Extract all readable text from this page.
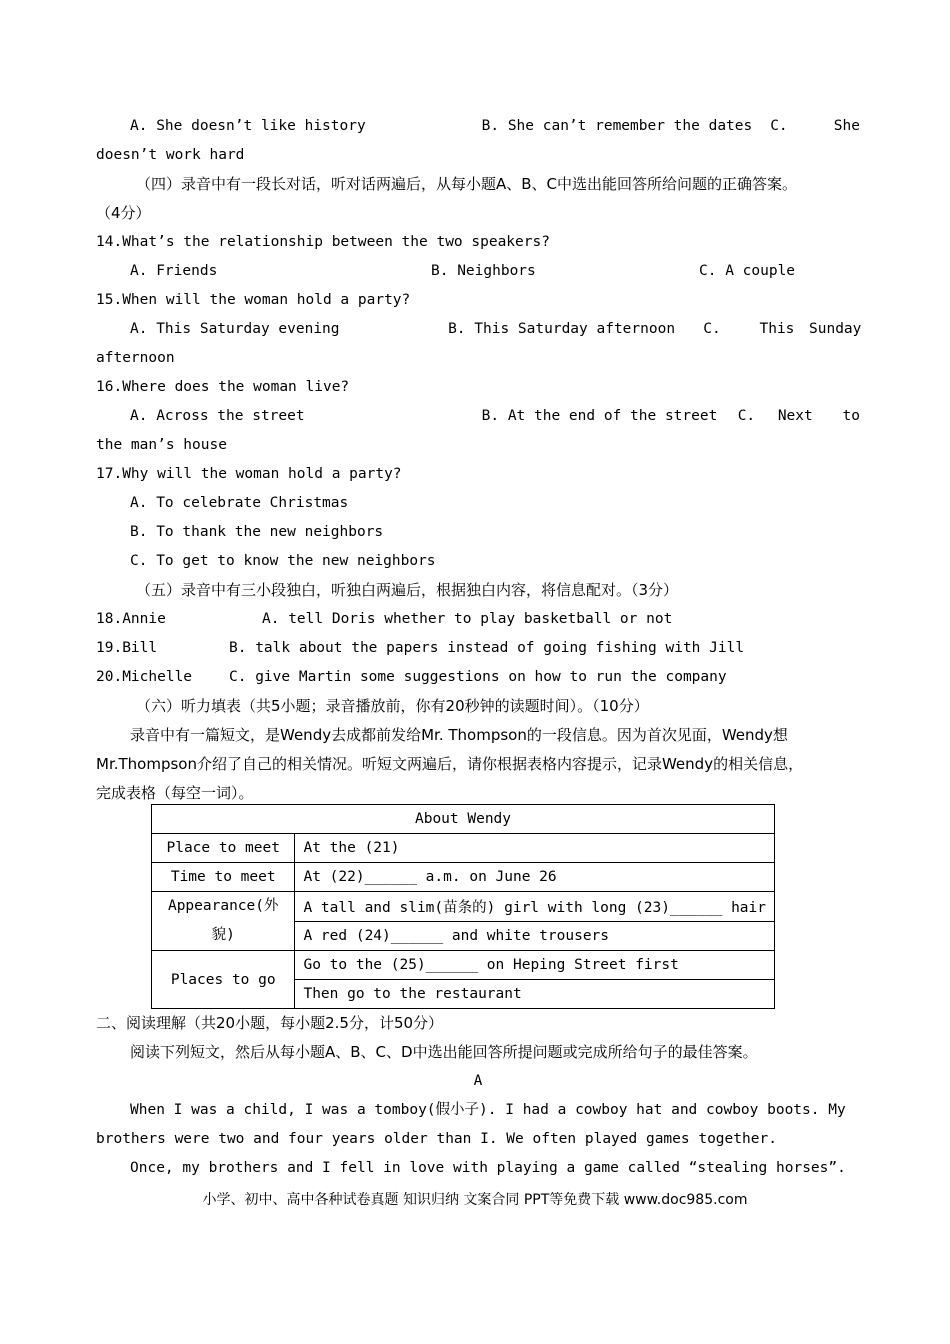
A. She doesn’t like history	B. She can’t remember the dates	C.	She
doesn’t work hard
（四）录音中有一段长对话，听对话两遍后，从每小题A、B、C中选出能回答所给问题的正确答案。
（4分）
14.What’s the relationship between the two speakers?
A. Friends	B. Neighbors	C. A couple
15.When will the woman hold a party?
A. This Saturday evening	B. This Saturday afternoon	C.	This	Sunday
afternoon
16.Where does the woman live?
A. Across the street	B. At the end of the street	C.	Next	to
the man’s house
17.Why will the woman hold a party?
A. To celebrate Christmas
B. To thank the new neighbors
C. To get to know the new neighbors
（五）录音中有三小段独白，听独白两遍后，根据独白内容，将信息配对。（3分）
18.Annie	A. tell Doris whether to play basketball or not
19.Bill	B. talk about the papers instead of going fishing with Jill
20.Michelle	C. give Martin some suggestions on how to run the company
（六）听力填表（共5小题；录音播放前，你有20秒钟的读题时间）。（10分）
录音中有一篇短文，是Wendy去成都前发给Mr. Thompson的一段信息。因为首次见面，Wendy想
Mr.Thompson介绍了自己的相关情况。听短文两遍后，请你根据表格内容提示，记录Wendy的相关信息，
完成表格（每空一词）。
About Wendy	
Place to meet	At the (21)
Time to meet	At (22)______ a.m. on June 26
Appearance(外貌)	A tall and slim(苗条的) girl with long (23)______ hair
	A red (24)______ and white trousers
Places to go	Go to the (25)______ on Heping Street first
	Then go to the restaurant
二、阅读理解（共20小题，每小题2.5分，计50分）
阅读下列短文，然后从每小题A、B、C、D中选出能回答所提问题或完成所给句子的最佳答案。
A
When I was a child, I was a tomboy(假小子). I had a cowboy hat and cowboy boots. My
brothers were two and four years older than I. We often played games together.
Once, my brothers and I fell in love with playing a game called “stealing horses”.
小学、初中、高中各种试卷真题 知识归纳 文案合同 PPT等免费下载 www.doc985.com
